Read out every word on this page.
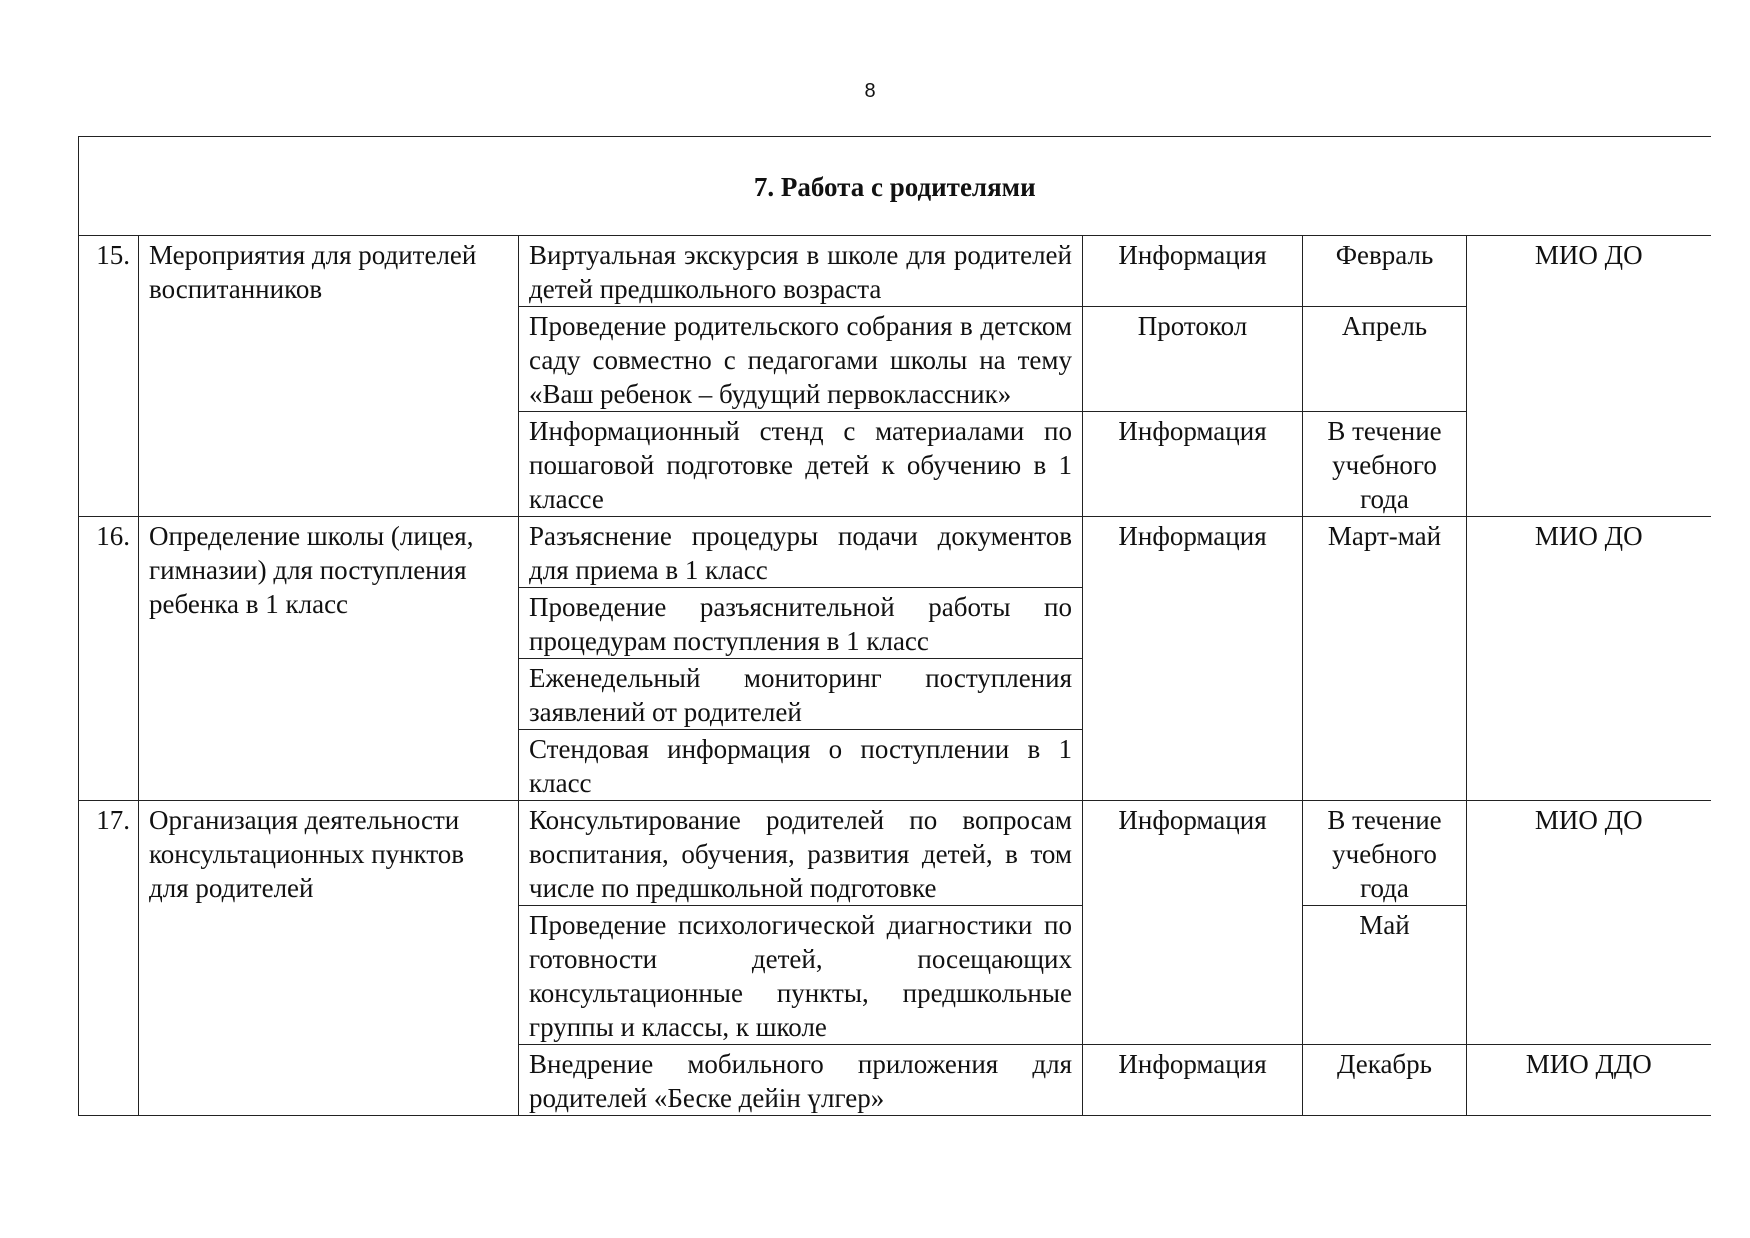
8
7. Работа с родителями					
15.	Мероприятия для родителей воспитанников	Виртуальная экскурсия в школе для родителей детей предшкольного возраста	Информация	Февраль	МИО ДО
		Проведение родительского собрания в детском саду совместно с педагогами школы на тему «Ваш ребенок – будущий первоклассник»	Протокол	Апрель	
		Информационный стенд с материалами по пошаговой подготовке детей к обучению в 1 классе	Информация	В течение учебного года	
16.	Определение школы (лицея, гимназии) для поступления ребенка в 1 класс	Разъяснение процедуры подачи документов для приема в 1 класс	Информация	Март-май	МИО ДО
		Проведение разъяснительной работы по процедурам поступления в 1 класс			
		Еженедельный мониторинг поступления заявлений от родителей			
		Стендовая информация о поступлении в 1 класс			
17.	Организация деятельности консультационных пунктов для родителей	Консультирование родителей по вопросам воспитания, обучения, развития детей, в том числе по предшкольной подготовке	Информация	В течение учебного года	МИО ДО
		Проведение психологической диагностики по готовности детей, посещающих консультационные пункты, предшкольные группы и классы, к школе		Май	
		Внедрение мобильного приложения для родителей «Беске дейін үлгер»	Информация	Декабрь	МИО ДДО
